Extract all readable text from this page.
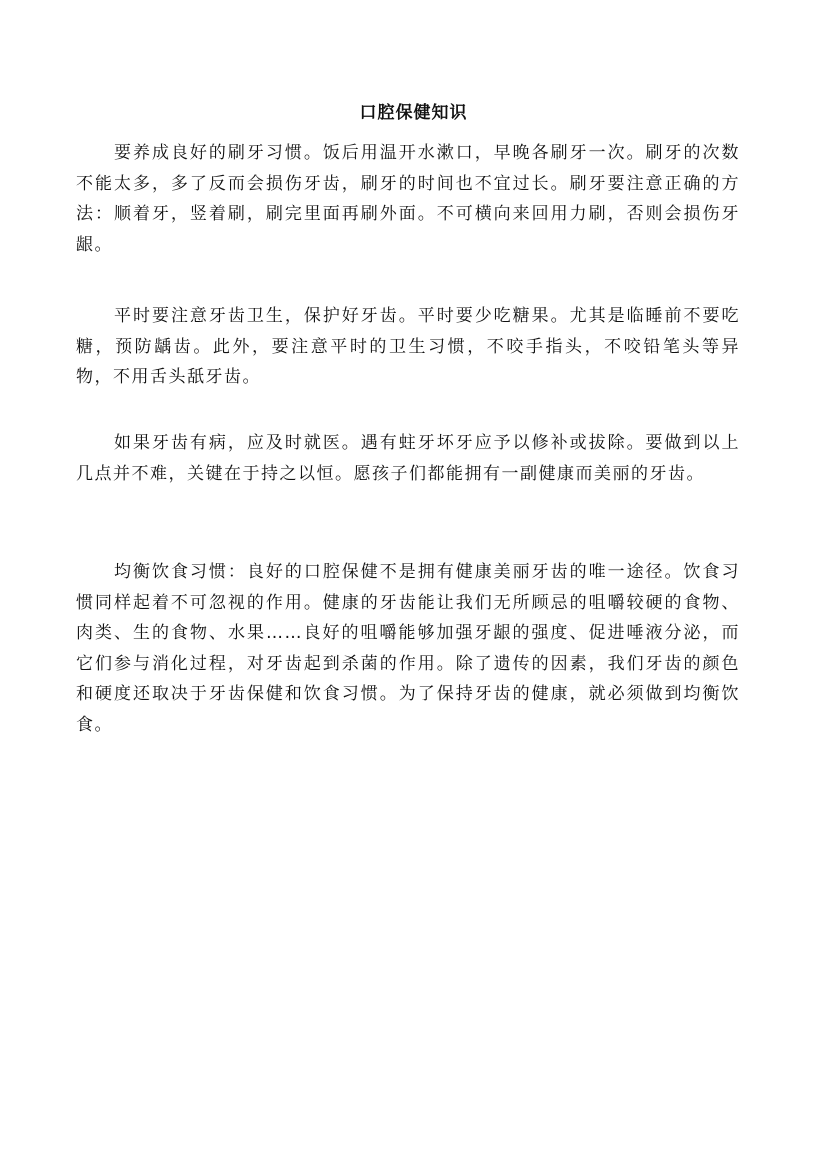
口腔保健知识

要养成良好的刷牙习惯。饭后用温开水漱口，早晚各刷牙一次。刷牙的次数不能太多，多了反而会损伤牙齿，刷牙的时间也不宜过长。刷牙要注意正确的方法：顺着牙，竖着刷，刷完里面再刷外面。不可横向来回用力刷，否则会损伤牙龈。

平时要注意牙齿卫生，保护好牙齿。平时要少吃糖果。尤其是临睡前不要吃糖，预防龋齿。此外，要注意平时的卫生习惯，不咬手指头，不咬铅笔头等异物，不用舌头舐牙齿。

如果牙齿有病，应及时就医。遇有蛀牙坏牙应予以修补或拔除。要做到以上几点并不难，关键在于持之以恒。愿孩子们都能拥有一副健康而美丽的牙齿。

均衡饮食习惯：良好的口腔保健不是拥有健康美丽牙齿的唯一途径。饮食习惯同样起着不可忽视的作用。健康的牙齿能让我们无所顾忌的咀嚼较硬的食物、肉类、生的食物、水果……良好的咀嚼能够加强牙龈的强度、促进唾液分泌，而它们参与消化过程，对牙齿起到杀菌的作用。除了遗传的因素，我们牙齿的颜色和硬度还取决于牙齿保健和饮食习惯。为了保持牙齿的健康，就必须做到均衡饮食。
